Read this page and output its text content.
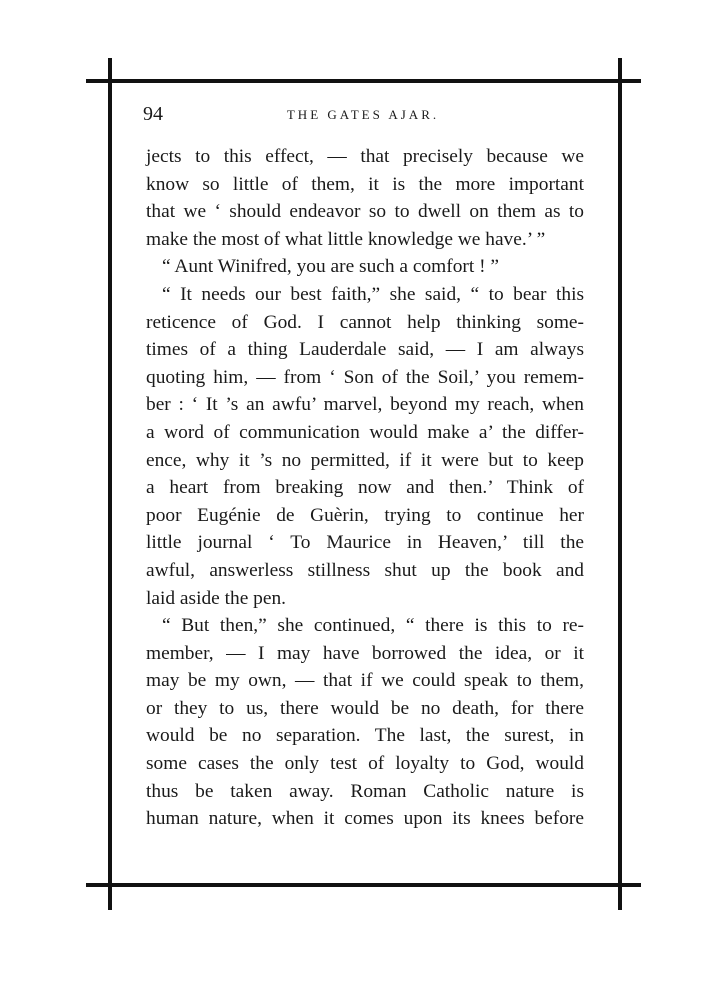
94	THE GATES AJAR.
jects to this effect, — that precisely because we
know so little of them, it is the more important
that we ‘ should endeavor so to dwell on them as to
make the most of what little knowledge we have.’ ”
“ Aunt Winifred, you are such a comfort ! ”
“ It needs our best faith,” she said, “ to bear this
reticence of God. I cannot help thinking some-
times of a thing Lauderdale said, — I am always
quoting him, — from ‘ Son of the Soil,’ you remem-
ber : ‘ It ’s an awfu’ marvel, beyond my reach, when
a word of communication would make a’ the differ-
ence, why it ’s no permitted, if it were but to keep
a heart from breaking now and then.’ Think of
poor Eugénie de Guèrin, trying to continue her
little journal ‘ To Maurice in Heaven,’ till the
awful, answerless stillness shut up the book and
laid aside the pen.
“ But then,” she continued, “ there is this to re-
member, — I may have borrowed the idea, or it
may be my own, — that if we could speak to them,
or they to us, there would be no death, for there
would be no separation. The last, the surest, in
some cases the only test of loyalty to God, would
thus be taken away. Roman Catholic nature is
human nature, when it comes upon its knees before
